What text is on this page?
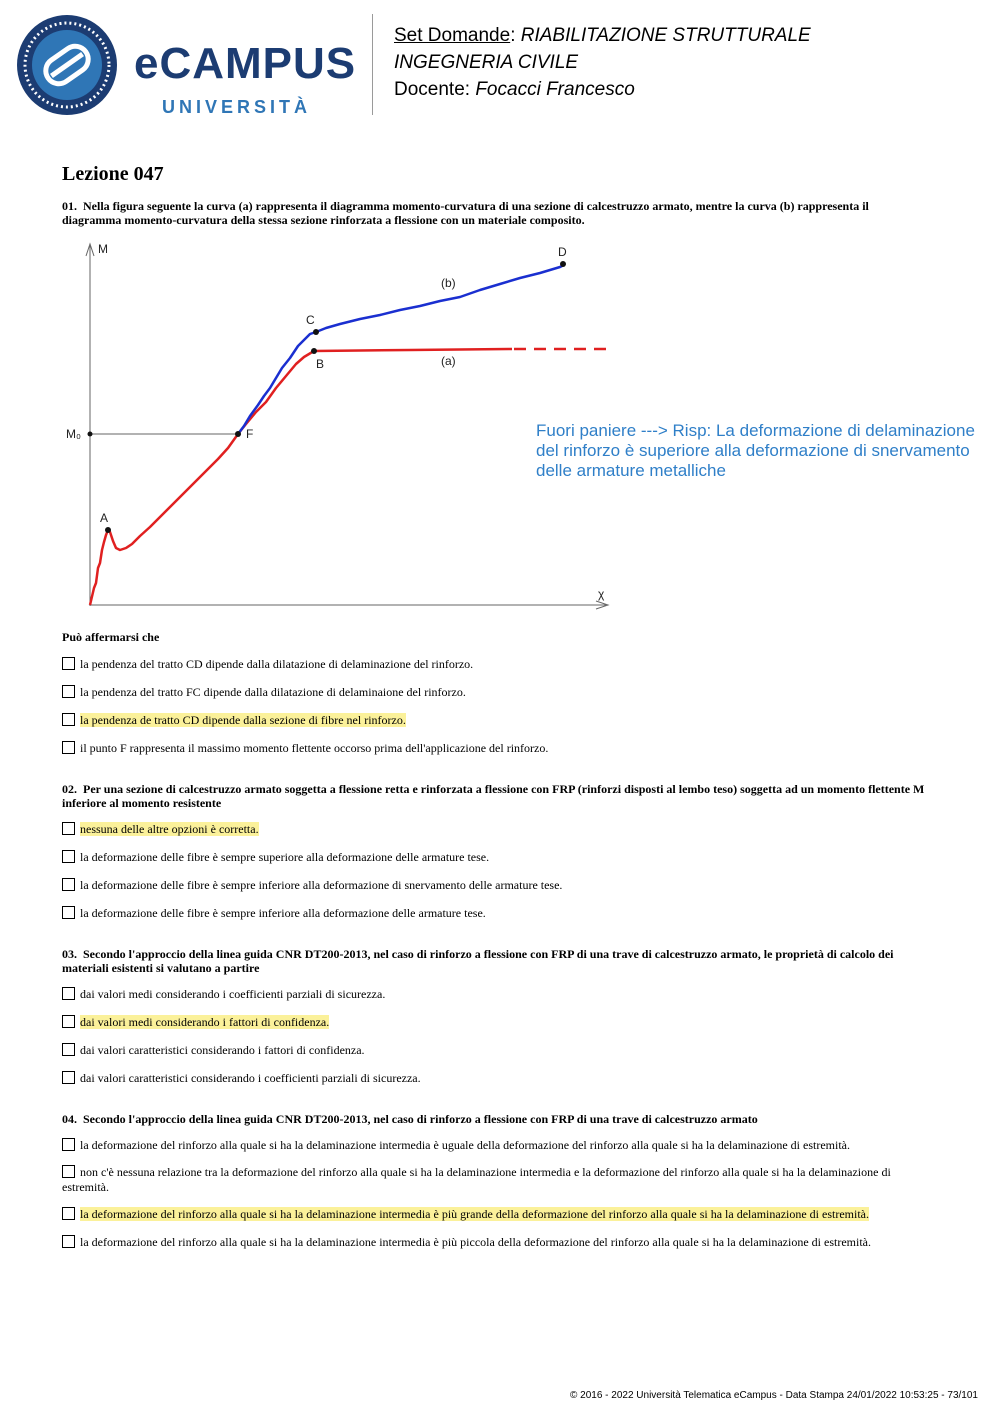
eCAMPUS
UNIVERSITÀ
Set Domande: RIABILITAZIONE STRUTTURALE
INGEGNERIA CIVILE
Docente: Focacci Francesco
Lezione 047
01. Nella figura seguente la curva (a) rappresenta il diagramma momento-curvatura di una sezione di calcestruzzo armato, mentre la curva (b) rappresenta il diagramma momento-curvatura della stessa sezione rinforzata a flessione con un materiale composito.
M
χ
M₀
A
F
B
C
D
(b)
(a)
Fuori paniere ---> Risp: La deformazione di delaminazione del rinforzo è superiore alla deformazione di snervamento delle armature metalliche
Può affermarsi che
la pendenza del tratto CD dipende dalla dilatazione di delaminazione del rinforzo.
la pendenza del tratto FC dipende dalla dilatazione di delaminaione del rinforzo.
la pendenza de tratto CD dipende dalla sezione di fibre nel rinforzo.
il punto F rappresenta il massimo momento flettente occorso prima dell'applicazione del rinforzo.
02. Per una sezione di calcestruzzo armato soggetta a flessione retta e rinforzata a flessione con FRP (rinforzi disposti al lembo teso) soggetta ad un momento flettente M inferiore al momento resistente
nessuna delle altre opzioni è corretta.
la deformazione delle fibre è sempre superiore alla deformazione delle armature tese.
la deformazione delle fibre è sempre inferiore alla deformazione di snervamento delle armature tese.
la deformazione delle fibre è sempre inferiore alla deformazione delle armature tese.
03. Secondo l'approccio della linea guida CNR DT200-2013, nel caso di rinforzo a flessione con FRP di una trave di calcestruzzo armato, le proprietà di calcolo dei materiali esistenti si valutano a partire
dai valori medi considerando i coefficienti parziali di sicurezza.
dai valori medi considerando i fattori di confidenza.
dai valori caratteristici considerando i fattori di confidenza.
dai valori caratteristici considerando i coefficienti parziali di sicurezza.
04. Secondo l'approccio della linea guida CNR DT200-2013, nel caso di rinforzo a flessione con FRP di una trave di calcestruzzo armato
la deformazione del rinforzo alla quale si ha la delaminazione intermedia è uguale della deformazione del rinforzo alla quale si ha la delaminazione di estremità.
non c'è nessuna relazione tra la deformazione del rinforzo alla quale si ha la delaminazione intermedia e la deformazione del rinforzo alla quale si ha la delaminazione di estremità.
la deformazione del rinforzo alla quale si ha la delaminazione intermedia è più grande della deformazione del rinforzo alla quale si ha la delaminazione di estremità.
la deformazione del rinforzo alla quale si ha la delaminazione intermedia è più piccola della deformazione del rinforzo alla quale si ha la delaminazione di estremità.
© 2016 - 2022 Università Telematica eCampus - Data Stampa 24/01/2022 10:53:25 - 73/101
